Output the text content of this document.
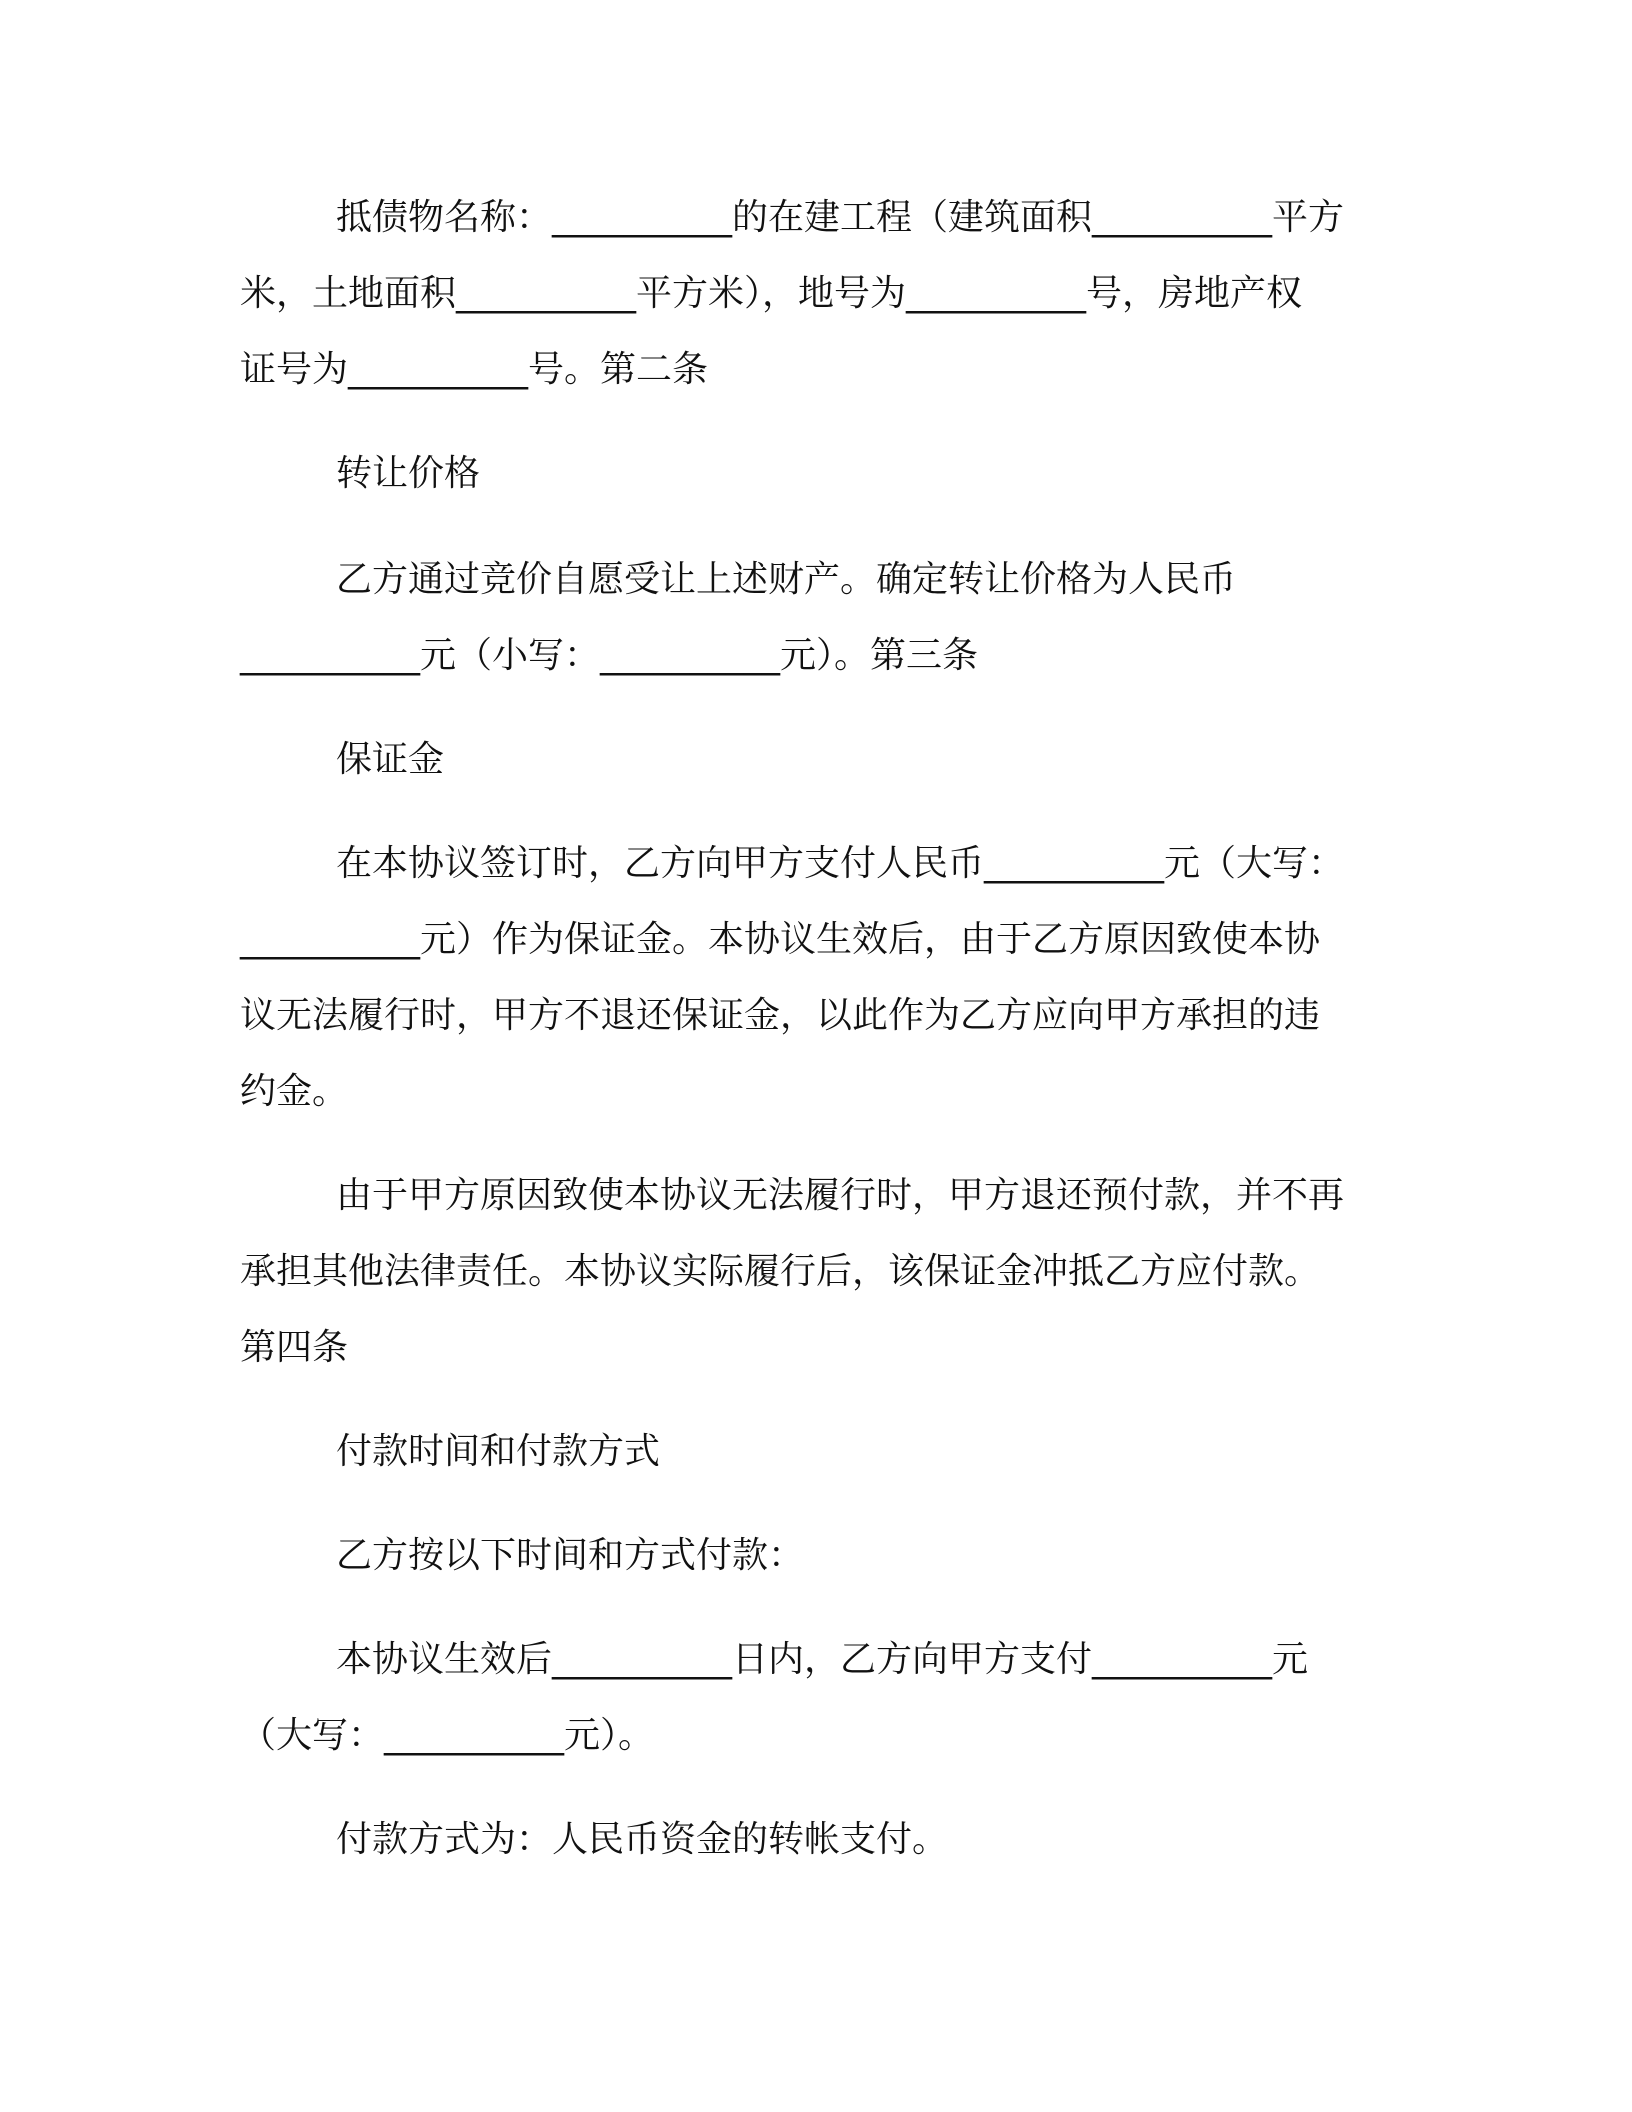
抵债物名称：__________的在建工程（建筑面积__________平方
米，土地面积__________平方米），地号为__________号，房地产权
证号为__________号。第二条
转让价格
乙方通过竞价自愿受让上述财产。确定转让价格为人民币
__________元（小写：__________元）。第三条
保证金
在本协议签订时，乙方向甲方支付人民币__________元（大写：
__________元）作为保证金。本协议生效后，由于乙方原因致使本协
议无法履行时，甲方不退还保证金，以此作为乙方应向甲方承担的违
约金。
由于甲方原因致使本协议无法履行时，甲方退还预付款，并不再
承担其他法律责任。本协议实际履行后，该保证金冲抵乙方应付款。
第四条
付款时间和付款方式
乙方按以下时间和方式付款：
本协议生效后__________日内，乙方向甲方支付__________元
（大写：__________元）。
付款方式为：人民币资金的转帐支付。
